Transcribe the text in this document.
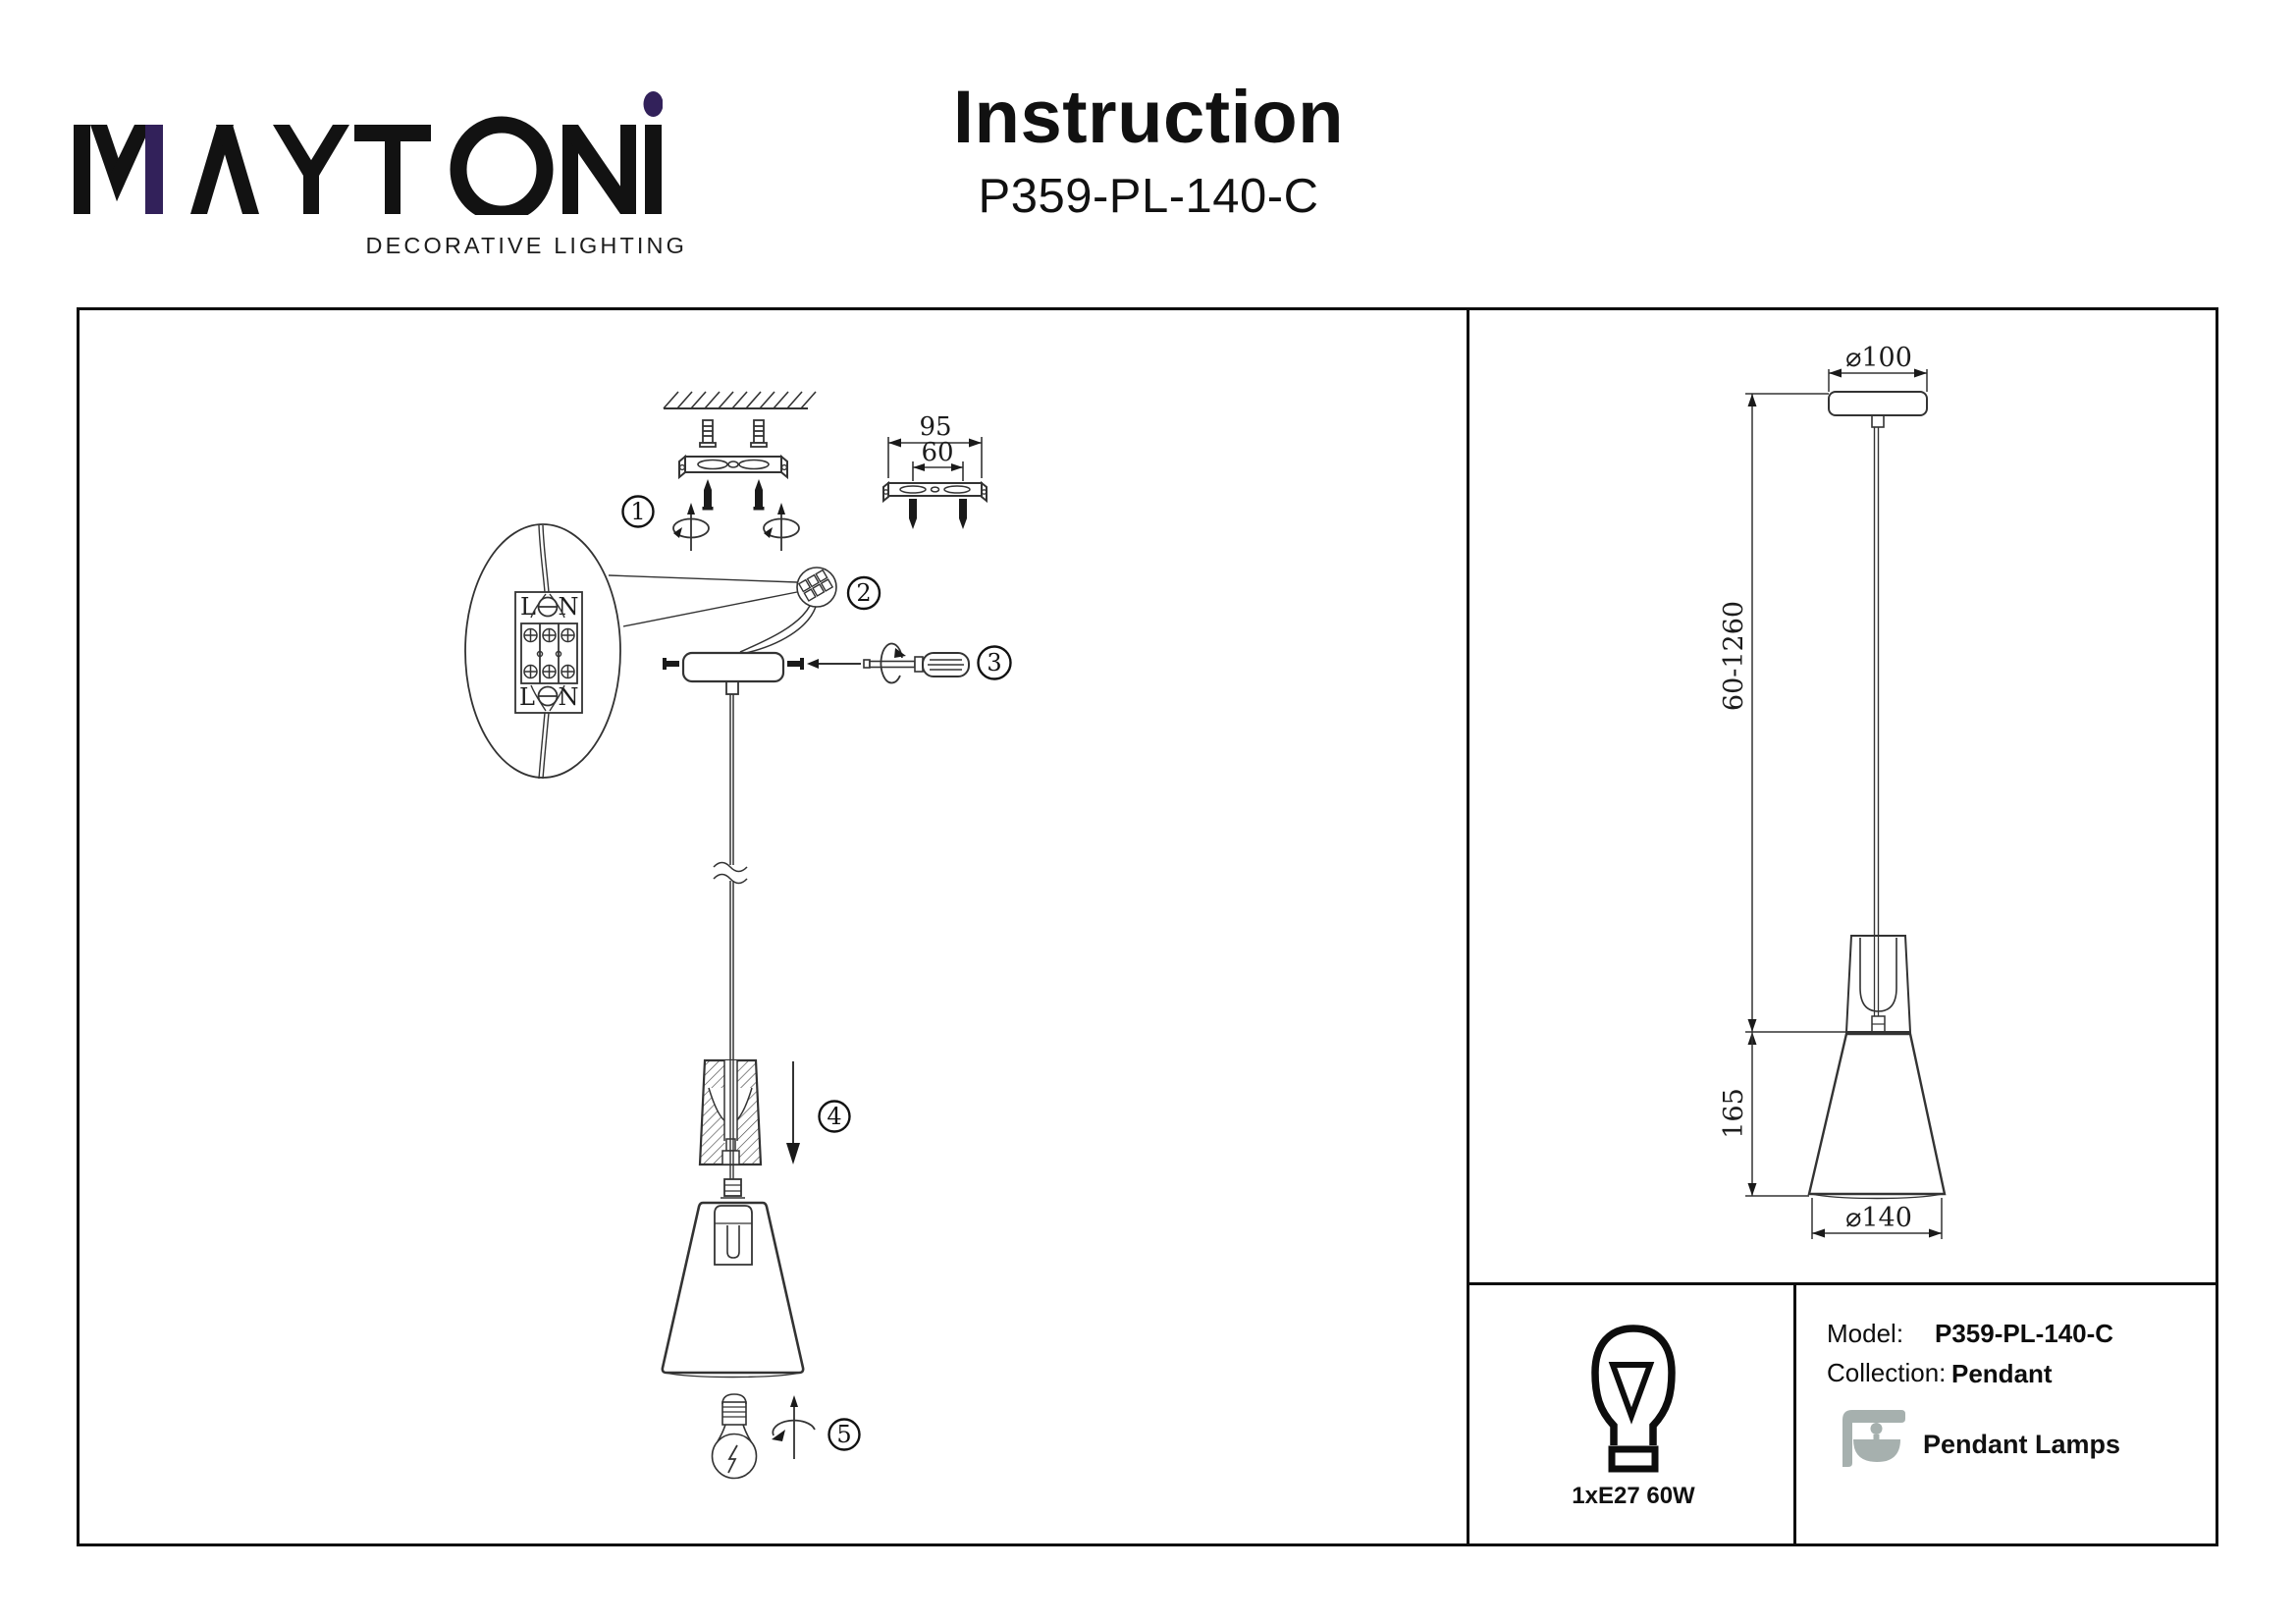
DECORATIVE LIGHTING
Instruction
P359-PL-140-C
1
95
60
L N
L N
2
3
4
5
⌀100
60-1260
165
⌀140
1xE27 60W
Model: P359-PL-140-C
Collection: Pendant
Pendant Lamps
